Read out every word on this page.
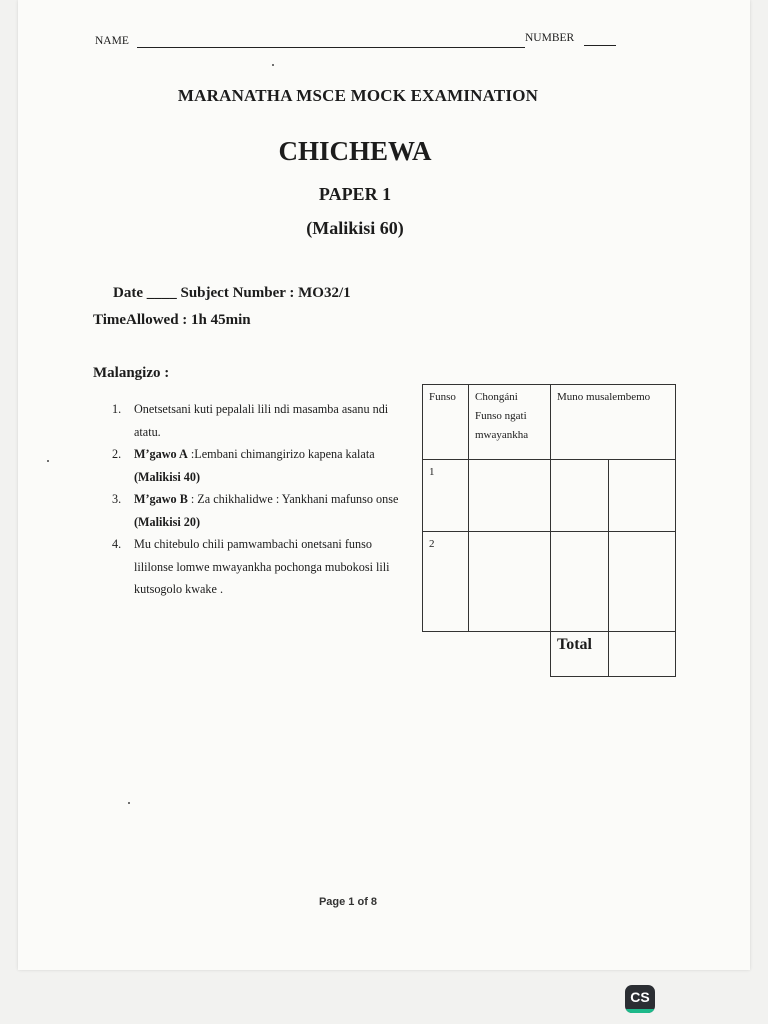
NAME	NUMBER
MARANATHA MSCE MOCK EXAMINATION
CHICHEWA
PAPER 1
(Malikisi 60)
Date ____ Subject Number : MO32/1
TimeAllowed : 1h 45min
Malangizo :
1. Onetsetsani kuti pepalali lili ndi masamba asanu ndi atatu.
2. M’gawo A :Lembani chimangirizo kapena kalata (Malikisi 40)
3. M’gawo B : Za chikhalidwe : Yankhani mafunso onse (Malikisi 20)
4. Mu chitebulo chili pamwambachi onetsani funso lililonse lomwe mwayankha pochonga mubokosi lili kutsogolo kwake .
Funso	Chongáni Funso ngati mwayankha	Muno musalembemo	
1			
2			
		Total	
Page 1 of 8
CS
